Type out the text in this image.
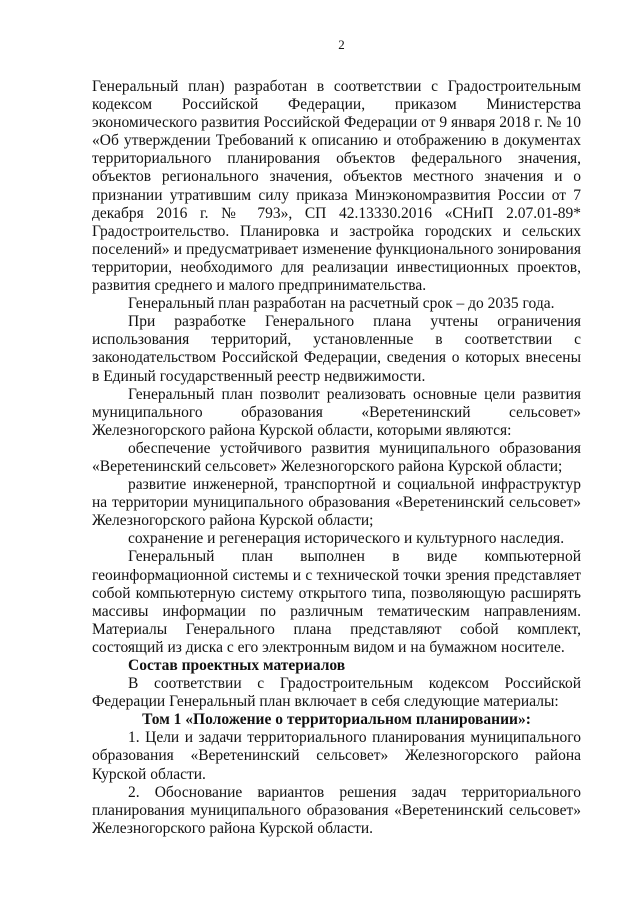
2

Генеральный план) разработан в соответствии с Градостроительным кодексом Российской Федерации, приказом Министерства экономического развития Российской Федерации от 9 января 2018 г. № 10 «Об утверждении Требований к описанию и отображению в документах территориального планирования объектов федерального значения, объектов регионального значения, объектов местного значения и о признании утратившим силу приказа Минэкономразвития России от 7 декабря 2016 г. № 793», СП 42.13330.2016 «СНиП 2.07.01-89* Градостроительство. Планировка и застройка городских и сельских поселений» и предусматривает изменение функционального зонирования территории, необходимого для реализации инвестиционных проектов, развития среднего и малого предпринимательства.

Генеральный план разработан на расчетный срок – до 2035 года.

При разработке Генерального плана учтены ограничения использования территорий, установленные в соответствии с законодательством Российской Федерации, сведения о которых внесены в Единый государственный реестр недвижимости.

Генеральный план позволит реализовать основные цели развития муниципального образования «Веретенинский сельсовет» Железногорского района Курской области, которыми являются:

обеспечение устойчивого развития муниципального образования «Веретенинский сельсовет» Железногорского района Курской области;

развитие инженерной, транспортной и социальной инфраструктур на территории муниципального образования «Веретенинский сельсовет» Железногорского района Курской области;

сохранение и регенерация исторического и культурного наследия.

Генеральный план выполнен в виде компьютерной геоинформационной системы и с технической точки зрения представляет собой компьютерную систему открытого типа, позволяющую расширять массивы информации по различным тематическим направлениям. Материалы Генерального плана представляют собой комплект, состоящий из диска с его электронным видом и на бумажном носителе.

Состав проектных материалов

В соответствии с Градостроительным кодексом Российской Федерации Генеральный план включает в себя следующие материалы:

Том 1 «Положение о территориальном планировании»:

1. Цели и задачи территориального планирования муниципального образования «Веретенинский сельсовет» Железногорского района Курской области.

2. Обоснование вариантов решения задач территориального планирования муниципального образования «Веретенинский сельсовет» Железногорского района Курской области.
